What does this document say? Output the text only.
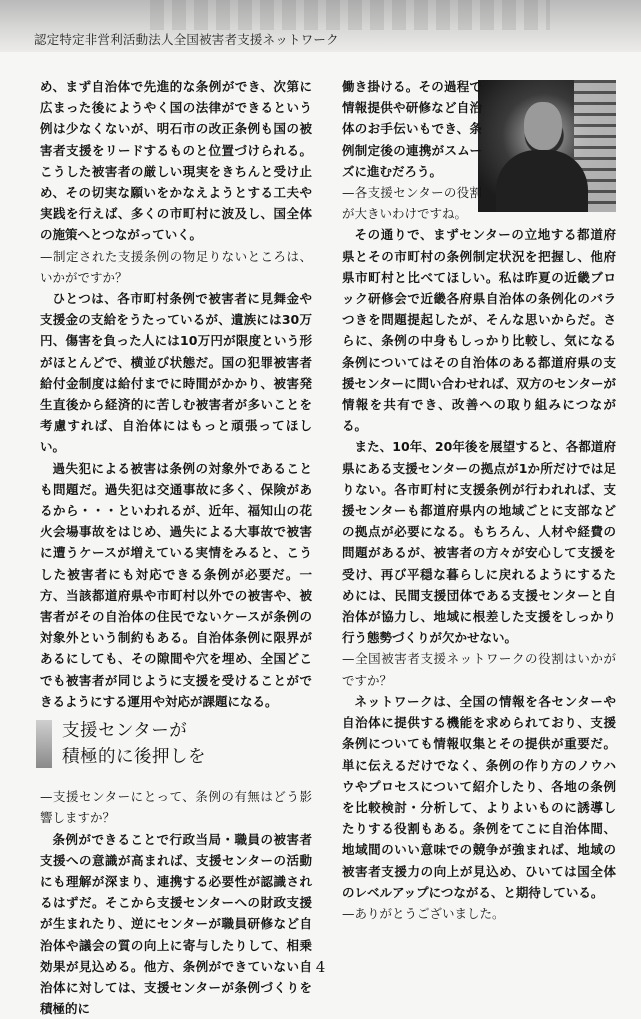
認定特定非営利活動法人全国被害者支援ネットワーク

め、まず自治体で先進的な条例ができ、次第に広まった後にようやく国の法律ができるという例は少なくないが、明石市の改正条例も国の被害者支援をリードするものと位置づけられる。こうした被害者の厳しい現実をきちんと受け止め、その切実な願いをかなえようとする工夫や実践を行えば、多くの市町村に波及し、国全体の施策へとつながっていく。

—制定された支援条例の物足りないところは、いかがですか？

ひとつは、各市町村条例で被害者に見舞金や支援金の支給をうたっているが、遺族には30万円、傷害を負った人には10万円が限度という形がほとんどで、横並び状態だ。国の犯罪被害者給付金制度は給付までに時間がかかり、被害発生直後から経済的に苦しむ被害者が多いことを考慮すれば、自治体にはもっと頑張ってほしい。

過失犯による被害は条例の対象外であることも問題だ。過失犯は交通事故に多く、保険があるから・・・といわれるが、近年、福知山の花火会場事故をはじめ、過失による大事故で被害に遭うケースが増えている実情をみると、こうした被害者にも対応できる条例が必要だ。一方、当該都道府県や市町村以外での被害や、被害者がその自治体の住民でないケースが条例の対象外という制約もある。自治体条例に限界があるにしても、その隙間や穴を埋め、全国どこでも被害者が同じように支援を受けることができるようにする運用や対応が課題になる。

支援センターが
積極的に後押しを

—支援センターにとって、条例の有無はどう影響しますか？

条例ができることで行政当局・職員の被害者支援への意識が高まれば、支援センターの活動にも理解が深まり、連携する必要性が認識されるはずだ。そこから支援センターへの財政支援が生まれたり、逆にセンターが職員研修など自治体や議会の質の向上に寄与したりして、相乗効果が見込める。他方、条例ができていない自治体に対しては、支援センターが条例づくりを積極的に

働き掛ける。その過程で情報提供や研修など自治体のお手伝いもでき、条例制定後の連携がスムーズに進むだろう。

—各支援センターの役割が大きいわけですね。

その通りで、まずセンターの立地する都道府県とその市町村の条例制定状況を把握し、他府県市町村と比べてほしい。私は昨夏の近畿ブロック研修会で近畿各府県自治体の条例化のバラつきを問題提起したが、そんな思いからだ。さらに、条例の中身もしっかり比較し、気になる条例についてはその自治体のある都道府県の支援センターに問い合わせれば、双方のセンターが情報を共有でき、改善への取り組みにつながる。

また、10年、20年後を展望すると、各都道府県にある支援センターの拠点が1か所だけでは足りない。各市町村に支援条例が行われれば、支援センターも都道府県内の地域ごとに支部などの拠点が必要になる。もちろん、人材や経費の問題があるが、被害者の方々が安心して支援を受け、再び平穏な暮らしに戻れるようにするためには、民間支援団体である支援センターと自治体が協力し、地域に根差した支援をしっかり行う態勢づくりが欠かせない。

—全国被害者支援ネットワークの役割はいかがですか？

ネットワークは、全国の情報を各センターや自治体に提供する機能を求められており、支援条例についても情報収集とその提供が重要だ。単に伝えるだけでなく、条例の作り方のノウハウやプロセスについて紹介したり、各地の条例を比較検討・分析して、よりよいものに誘導したりする役割もある。条例をてこに自治体間、地域間のいい意味での競争が強まれば、地域の被害者支援力の向上が見込め、ひいては国全体のレベルアップにつながる、と期待している。

—ありがとうございました。

4
